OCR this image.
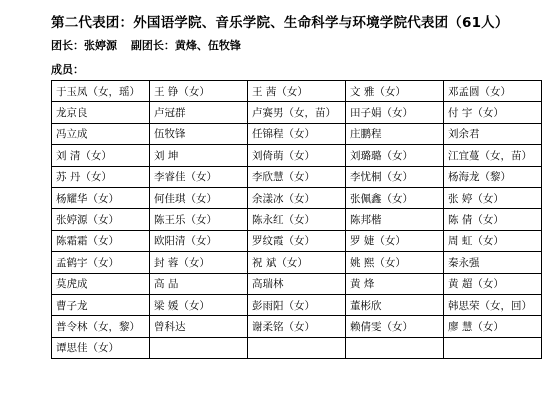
第二代表团：外国语学院、音乐学院、生命科学与环境学院代表团（61人）
团长：张婷源 副团长：黄烽、伍牧锋
成员：
于玉凤（女，瑶）	王 铮（女）	王 茜（女）	文 雅（女）	邓孟圆（女）
龙京良	卢冠群	卢赛男（女，苗）	田子娟（女）	付 宇（女）
冯立成	伍牧锋	任锦程（女）	庄鹏程	刘余君
刘 清（女）	刘 坤	刘倚萌（女）	刘璐璐（女）	江宜蔓（女，苗）
苏 丹（女）	李睿佳（女）	李欣慧（女）	李忧桐（女）	杨海龙（黎）
杨耀华（女）	何佳琪（女）	余漾冰（女）	张佩鑫（女）	张 婷（女）
张婷源（女）	陈王乐（女）	陈永红（女）	陈邦楷	陈 倩（女）
陈霜霜（女）	欧阳清（女）	罗纹霞（女）	罗 婕（女）	周 虹（女）
孟鹤宇（女）	封 蓉（女）	祝 斌（女）	姚 熙（女）	秦永强
莫虎成	高 品	高瑞林	黄 烽	黄 超（女）
曹子龙	梁 媛（女）	彭雨阳（女）	董彬欣	韩思荣（女，回）
普令林（女，黎）	曾科达	谢柔铭（女）	赖倩雯（女）	廖 慧（女）
谭思佳（女）				
